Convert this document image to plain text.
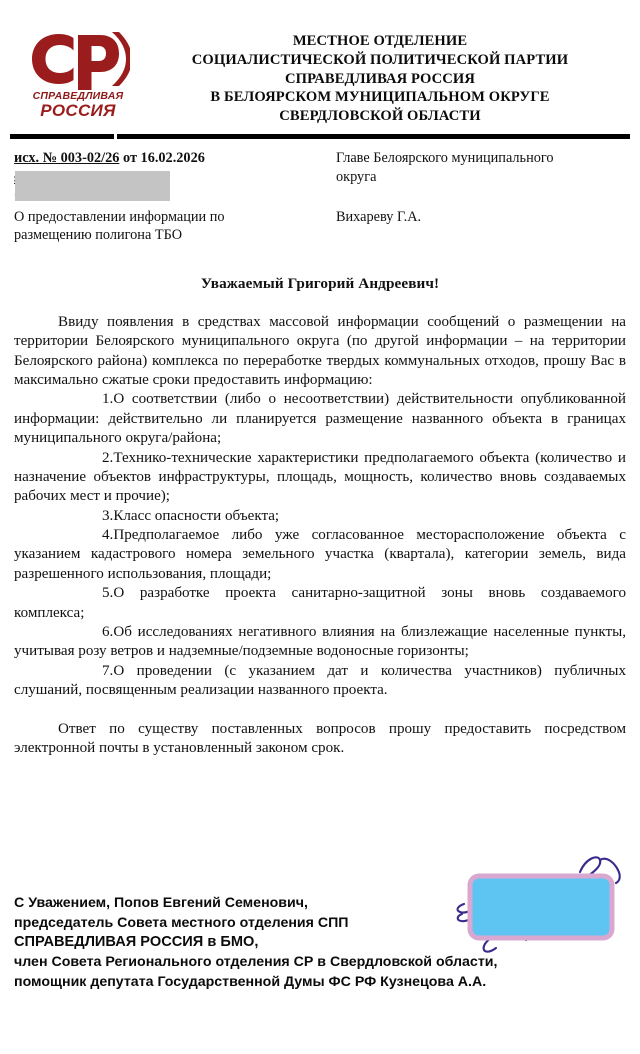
СПРАВЕДЛИВАЯ
РОССИЯ
МЕСТНОЕ ОТДЕЛЕНИЕ
СОЦИАЛИСТИЧЕСКОЙ ПОЛИТИЧЕСКОЙ ПАРТИИ
СПРАВЕДЛИВАЯ РОССИЯ
В БЕЛОЯРСКОМ МУНИЦИПАЛЬНОМ ОКРУГЕ
СВЕРДЛОВСКОЙ ОБЛАСТИ
исх. № 003-02/26 от 16.02.2026
О предоставлении информации по
размещению полигона ТБО
Главе Белоярского муниципального
округа
Вихареву Г.А.
Уважаемый Григорий Андреевич!

Ввиду появления в средствах массовой информации сообщений о размещении на территории Белоярского муниципального округа (по другой информации – на территории Белоярского района) комплекса по переработке твердых коммунальных отходов, прошу Вас в максимально сжатые сроки предоставить информацию:

1.О соответствии (либо о несоответствии) действительности опубликованной информации: действительно ли планируется размещение названного объекта в границах муниципального округа/района;

2.Технико-технические характеристики предполагаемого объекта (количество и назначение объектов инфраструктуры, площадь, мощность, количество вновь создаваемых рабочих мест и прочие);

3.Класс опасности объекта;

4.Предполагаемое либо уже согласованное месторасположение объекта с указанием кадастрового номера земельного участка (квартала), категории земель, вида разрешенного использования, площади;

5.О разработке проекта санитарно-защитной зоны вновь создаваемого комплекса;

6.Об исследованиях негативного влияния на близлежащие населенные пункты, учитывая розу ветров и надземные/подземные водоносные горизонты;

7.О проведении (с указанием дат и количества участников) публичных слушаний, посвященным реализации названного проекта.

Ответ по существу поставленных вопросов прошу предоставить посредством электронной почты в установленный законом срок.

С Уважением, Попов Евгений Семенович,
председатель Совета местного отделения СПП
СПРАВЕДЛИВАЯ РОССИЯ в БМО,
член Совета Регионального отделения СР в Свердловской области,
помощник депутата Государственной Думы ФС РФ Кузнецова А.А.
